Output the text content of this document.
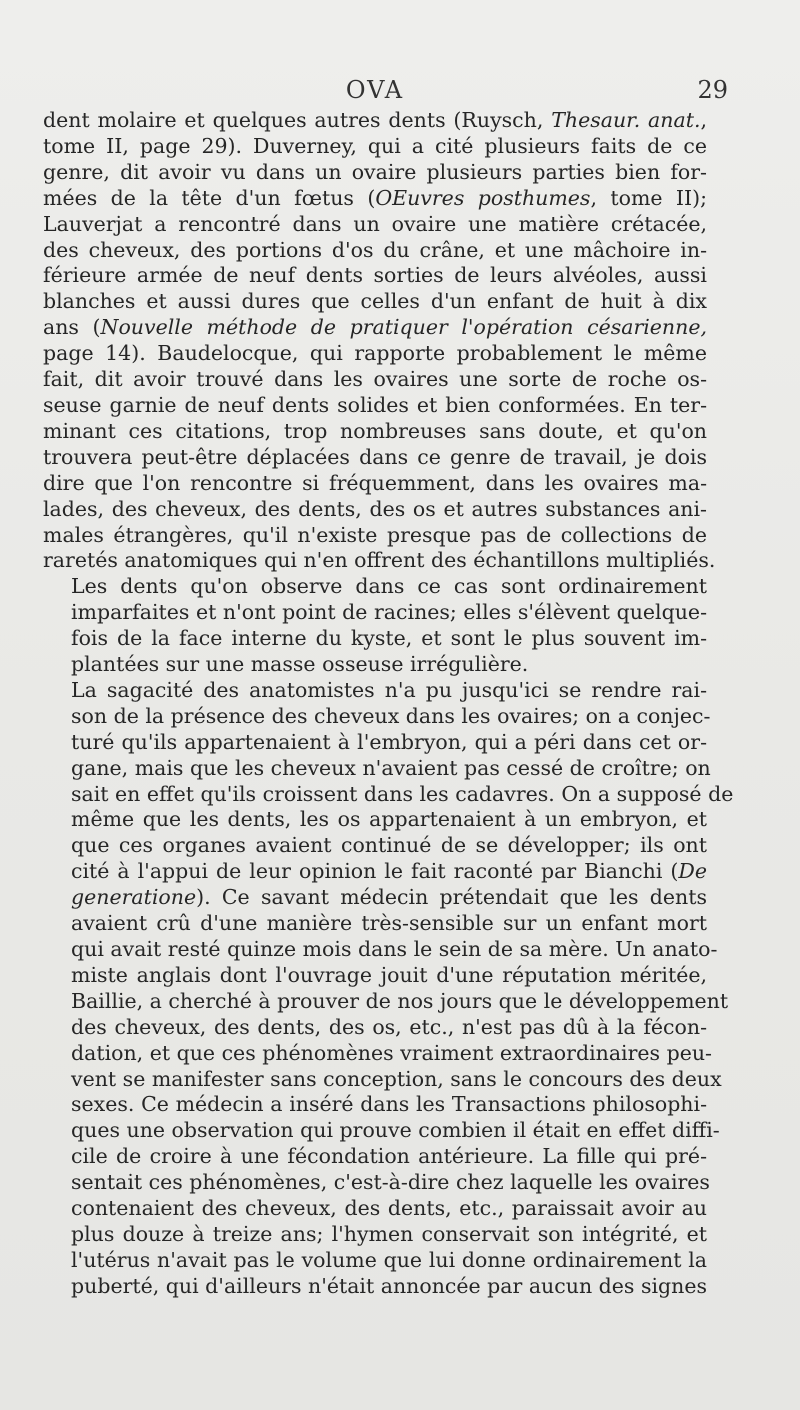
OVA	29
dent molaire et quelques autres dents (Ruysch, Thesaur. anat.,
tome II, page 29). Duverney, qui a cité plusieurs faits de ce
genre, dit avoir vu dans un ovaire plusieurs parties bien for-
mées de la tête d'un fœtus (OEuvres posthumes, tome II);
Lauverjat a rencontré dans un ovaire une matière crétacée,
des cheveux, des portions d'os du crâne, et une mâchoire in-
férieure armée de neuf dents sorties de leurs alvéoles, aussi
blanches et aussi dures que celles d'un enfant de huit à dix
ans (Nouvelle méthode de pratiquer l'opération césarienne,
page 14). Baudelocque, qui rapporte probablement le même
fait, dit avoir trouvé dans les ovaires une sorte de roche os-
seuse garnie de neuf dents solides et bien conformées. En ter-
minant ces citations, trop nombreuses sans doute, et qu'on
trouvera peut-être déplacées dans ce genre de travail, je dois
dire que l'on rencontre si fréquemment, dans les ovaires ma-
lades, des cheveux, des dents, des os et autres substances ani-
males étrangères, qu'il n'existe presque pas de collections de
raretés anatomiques qui n'en offrent des échantillons multipliés.
Les dents qu'on observe dans ce cas sont ordinairement
imparfaites et n'ont point de racines; elles s'élèvent quelque-
fois de la face interne du kyste, et sont le plus souvent im-
plantées sur une masse osseuse irrégulière.
La sagacité des anatomistes n'a pu jusqu'ici se rendre rai-
son de la présence des cheveux dans les ovaires; on a conjec-
turé qu'ils appartenaient à l'embryon, qui a péri dans cet or-
gane, mais que les cheveux n'avaient pas cessé de croître; on
sait en effet qu'ils croissent dans les cadavres. On a supposé de
même que les dents, les os appartenaient à un embryon, et
que ces organes avaient continué de se développer; ils ont
cité à l'appui de leur opinion le fait raconté par Bianchi (De
generatione). Ce savant médecin prétendait que les dents
avaient crû d'une manière très-sensible sur un enfant mort
qui avait resté quinze mois dans le sein de sa mère. Un anato-
miste anglais dont l'ouvrage jouit d'une réputation méritée,
Baillie, a cherché à prouver de nos jours que le développement
des cheveux, des dents, des os, etc., n'est pas dû à la fécon-
dation, et que ces phénomènes vraiment extraordinaires peu-
vent se manifester sans conception, sans le concours des deux
sexes. Ce médecin a inséré dans les Transactions philosophi-
ques une observation qui prouve combien il était en effet diffi-
cile de croire à une fécondation antérieure. La fille qui pré-
sentait ces phénomènes, c'est-à-dire chez laquelle les ovaires
contenaient des cheveux, des dents, etc., paraissait avoir au
plus douze à treize ans; l'hymen conservait son intégrité, et
l'utérus n'avait pas le volume que lui donne ordinairement la
puberté, qui d'ailleurs n'était annoncée par aucun des signes
